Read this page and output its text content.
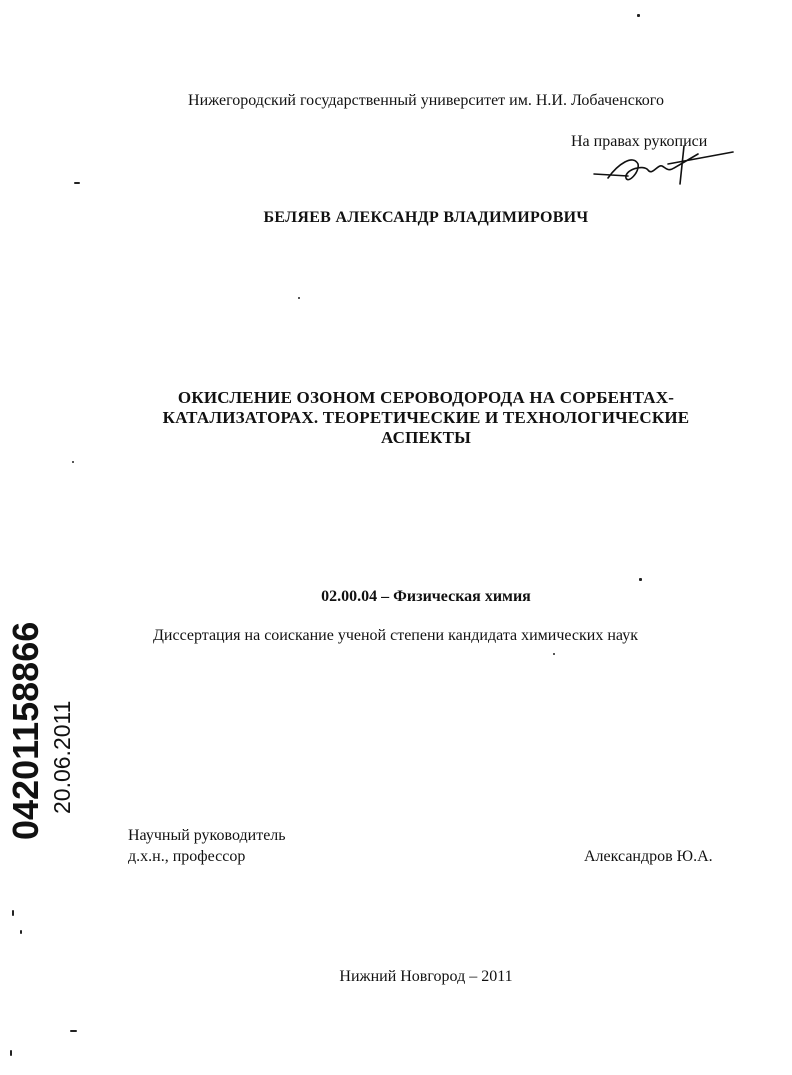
Нижегородский государственный университет им. Н.И. Лобаченского
На правах рукописи
БЕЛЯЕВ АЛЕКСАНДР ВЛАДИМИРОВИЧ
ОКИСЛЕНИЕ ОЗОНОМ СЕРОВОДОРОДА НА СОРБЕНТАХ-
КАТАЛИЗАТОРАХ. ТЕОРЕТИЧЕСКИЕ И ТЕХНОЛОГИЧЕСКИЕ
АСПЕКТЫ
02.00.04 – Физическая химия
Диссертация на соискание ученой степени кандидата химических наук
04201158866 20.06.2011
Научный руководитель
д.х.н., профессор	Александров Ю.А.
Нижний Новгород – 2011
